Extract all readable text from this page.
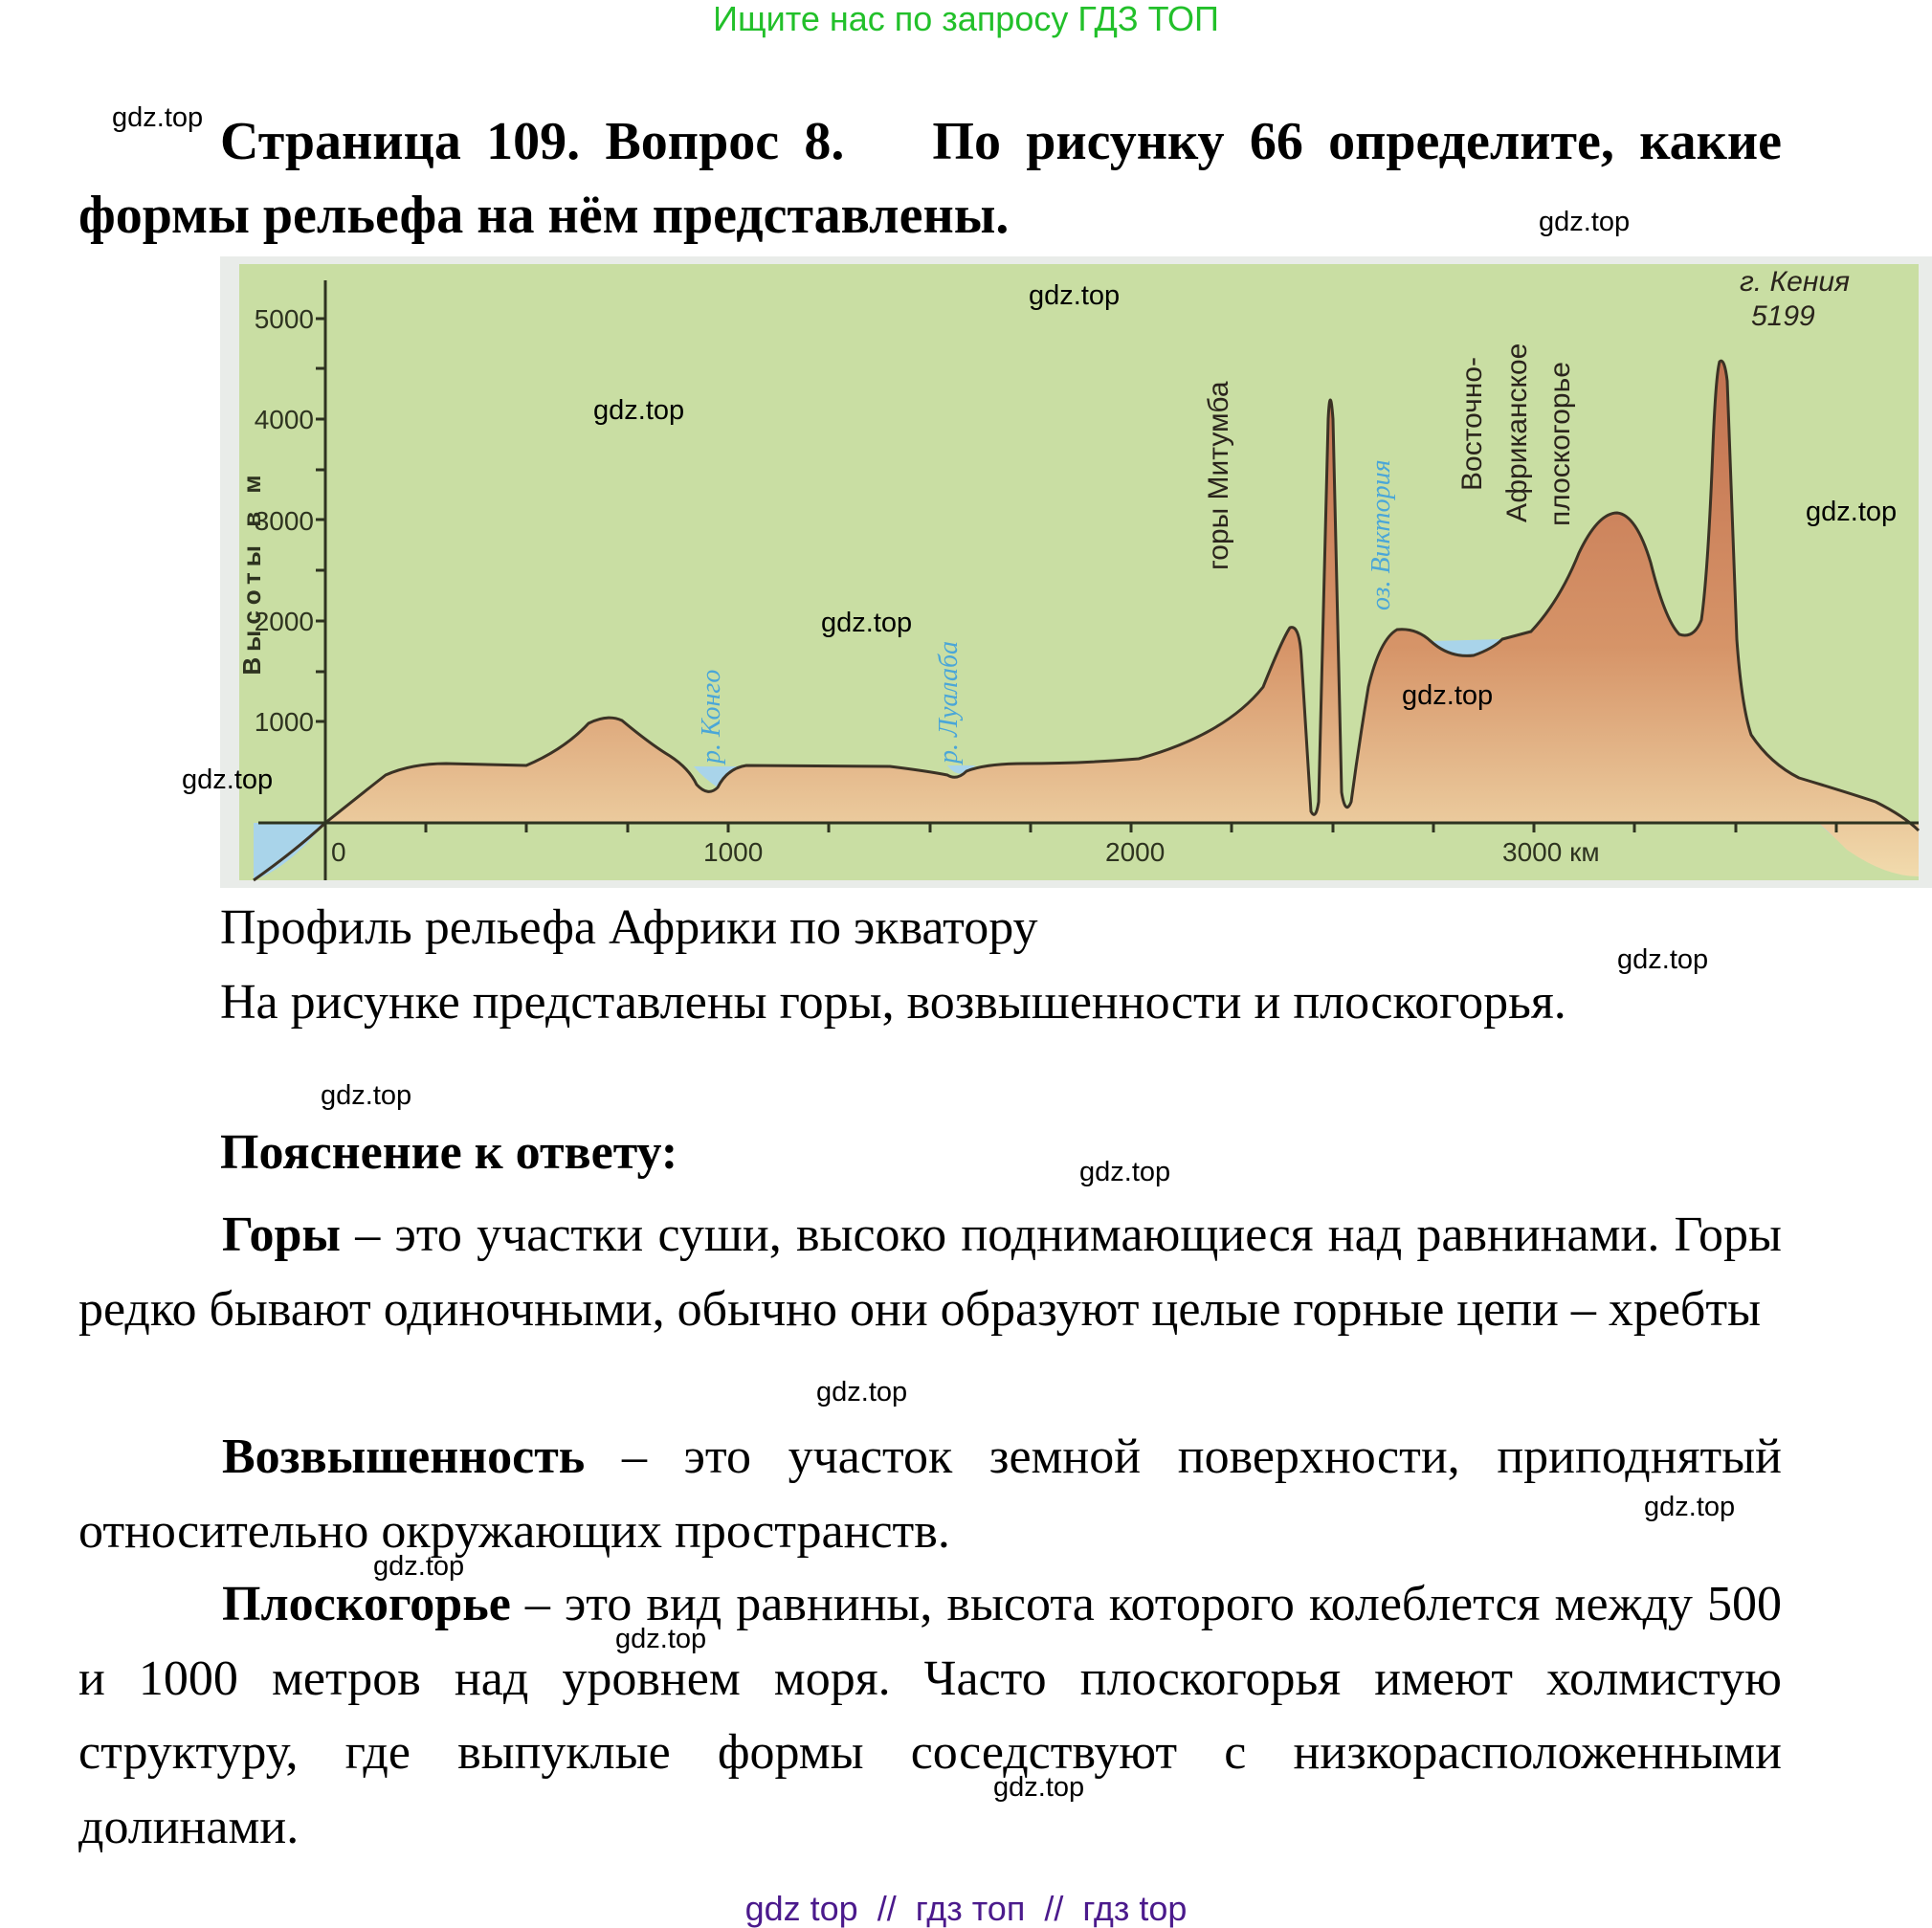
Ищите нас по запросу ГДЗ ТОП
gdz.top Страница 109. Вопрос 8. По рисунку 66 определите, какие формы рельефа на нём представлены.	gdz.top
1000
2000
3000
4000
5000
Высоты в м
0	1000	2000	3000 км
р. Конго	р. Луалаба
оз. Виктория
горы Митумба	Восточно- Африканское плоскогорье
г. Кения
5199
gdz.top
gdz.top
gdz.top
gdz.top
gdz.top
gdz.top
Профиль рельефа Африки по экватору
gdz.top
На рисунке представлены горы, возвышенности и плоскогорья.
gdz.top
Пояснение к ответу:	gdz.top
Горы – это участки суши, высоко поднимающиеся над равнинами. Горы редко бывают одиночными, обычно они образуют целые горные цепи – хребты
gdz.top
Возвышенность – это участок земной поверхности, приподнятый относительно окружающих пространств.	gdz.top
gdz.top
Плоскогорье – это вид равнины, высота которого колеблется между 500 и 1000 метров над уровнем моря. Часто плоскогорья имеют холмистую структуру, где выпуклые формы соседствуют с низкорасположенными долинами.
gdz.top
gdz.top
gdz top  //  гдз топ  //  гдз top
